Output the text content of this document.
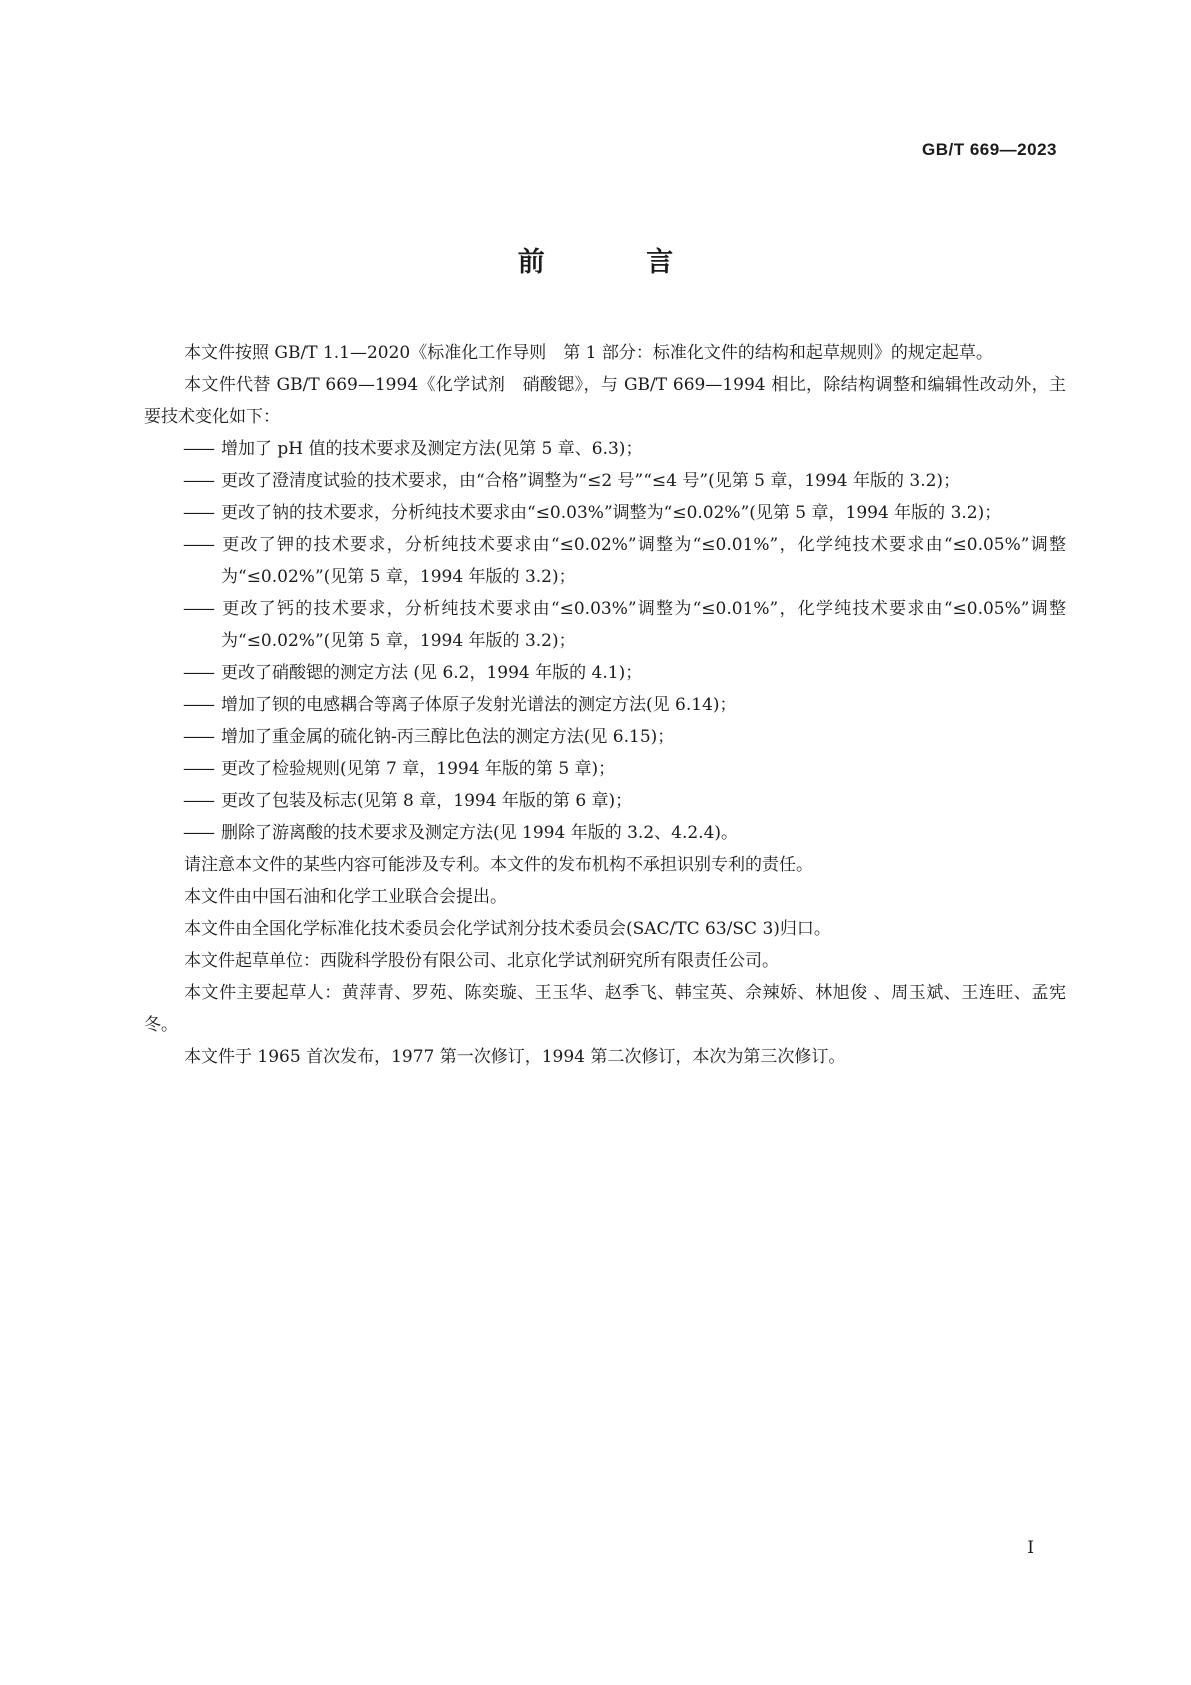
GB/T 669—2023
前 言

本文件按照 GB/T 1.1—2020《标准化工作导则　第 1 部分：标准化文件的结构和起草规则》的规定起草。

本文件代替 GB/T 669—1994《化学试剂　硝酸锶》，与 GB/T 669—1994 相比，除结构调整和编辑性改动外，主要技术变化如下：

—— 增加了 pH 值的技术要求及测定方法(见第 5 章、6.3)；

—— 更改了澄清度试验的技术要求，由“合格”调整为“≤2 号”“≤4 号”(见第 5 章，1994 年版的 3.2)；

—— 更改了钠的技术要求，分析纯技术要求由“≤0.03%”调整为“≤0.02%”(见第 5 章，1994 年版的 3.2)；

—— 更改了钾的技术要求，分析纯技术要求由“≤0.02%”调整为“≤0.01%”，化学纯技术要求由“≤0.05%”调整为“≤0.02%”(见第 5 章，1994 年版的 3.2)；

—— 更改了钙的技术要求，分析纯技术要求由“≤0.03%”调整为“≤0.01%”，化学纯技术要求由“≤0.05%”调整为“≤0.02%”(见第 5 章，1994 年版的 3.2)；

—— 更改了硝酸锶的测定方法 (见 6.2，1994 年版的 4.1)；

—— 增加了钡的电感耦合等离子体原子发射光谱法的测定方法(见 6.14)；

—— 增加了重金属的硫化钠-丙三醇比色法的测定方法(见 6.15)；

—— 更改了检验规则(见第 7 章，1994 年版的第 5 章)；

—— 更改了包装及标志(见第 8 章，1994 年版的第 6 章)；

—— 删除了游离酸的技术要求及测定方法(见 1994 年版的 3.2、4.2.4)。

请注意本文件的某些内容可能涉及专利。本文件的发布机构不承担识别专利的责任。

本文件由中国石油和化学工业联合会提出。

本文件由全国化学标准化技术委员会化学试剂分技术委员会(SAC/TC 63/SC 3)归口。

本文件起草单位：西陇科学股份有限公司、北京化学试剂研究所有限责任公司。

本文件主要起草人：黄萍青、罗苑、陈奕璇、王玉华、赵季飞、韩宝英、佘辣娇、林旭俊 、周玉斌、王连旺、孟宪冬。

本文件于 1965 首次发布，1977 第一次修订，1994 第二次修订，本次为第三次修订。

I
